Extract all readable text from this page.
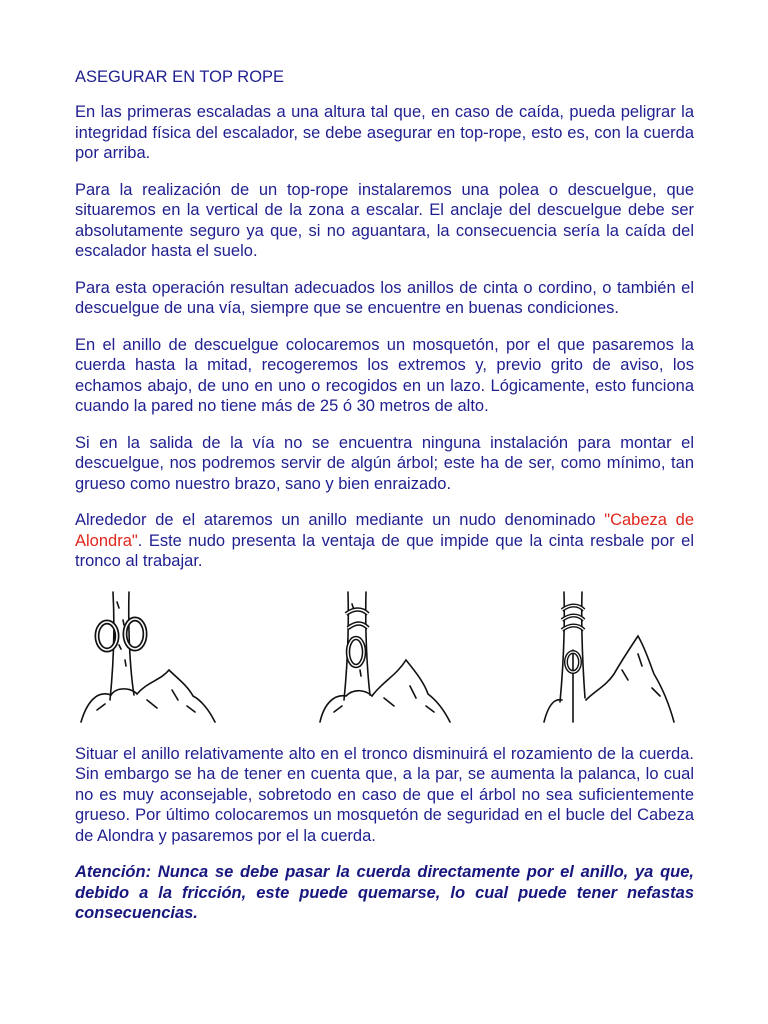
ASEGURAR EN TOP ROPE

En las primeras escaladas a una altura tal que, en caso de caída, pueda peligrar la integridad física del escalador, se debe asegurar en top-rope, esto es, con la cuerda por arriba.

Para la realización de un top-rope instalaremos una polea o descuelgue, que situaremos en la vertical de la zona a escalar. El anclaje del descuelgue debe ser absolutamente seguro ya que, si no aguantara, la consecuencia sería la caída del escalador hasta el suelo.

Para esta operación resultan adecuados los anillos de cinta o cordino, o también el descuelgue de una vía, siempre que se encuentre en buenas condiciones.

En el anillo de descuelgue colocaremos un mosquetón, por el que pasaremos la cuerda hasta la mitad, recogeremos los extremos y, previo grito de aviso, los echamos abajo, de uno en uno o recogidos en un lazo. Lógicamente, esto funciona cuando la pared no tiene más de 25 ó 30 metros de alto.

Si en la salida de la vía no se encuentra ninguna instalación para montar el descuelgue, nos podremos servir de algún árbol; este ha de ser, como mínimo, tan grueso como nuestro brazo, sano y bien enraizado.

Alrededor de el ataremos un anillo mediante un nudo denominado "Cabeza de Alondra". Este nudo presenta la ventaja de que impide que la cinta resbale por el tronco al trabajar.

Situar el anillo relativamente alto en el tronco disminuirá el rozamiento de la cuerda. Sin embargo se ha de tener en cuenta que, a la par, se aumenta la palanca, lo cual no es muy aconsejable, sobretodo en caso de que el árbol no sea suficientemente grueso. Por último colocaremos un mosquetón de seguridad en el bucle del Cabeza de Alondra y pasaremos por el la cuerda.

Atención: Nunca se debe pasar la cuerda directamente por el anillo, ya que, debido a la fricción, este puede quemarse, lo cual puede tener nefastas consecuencias.
